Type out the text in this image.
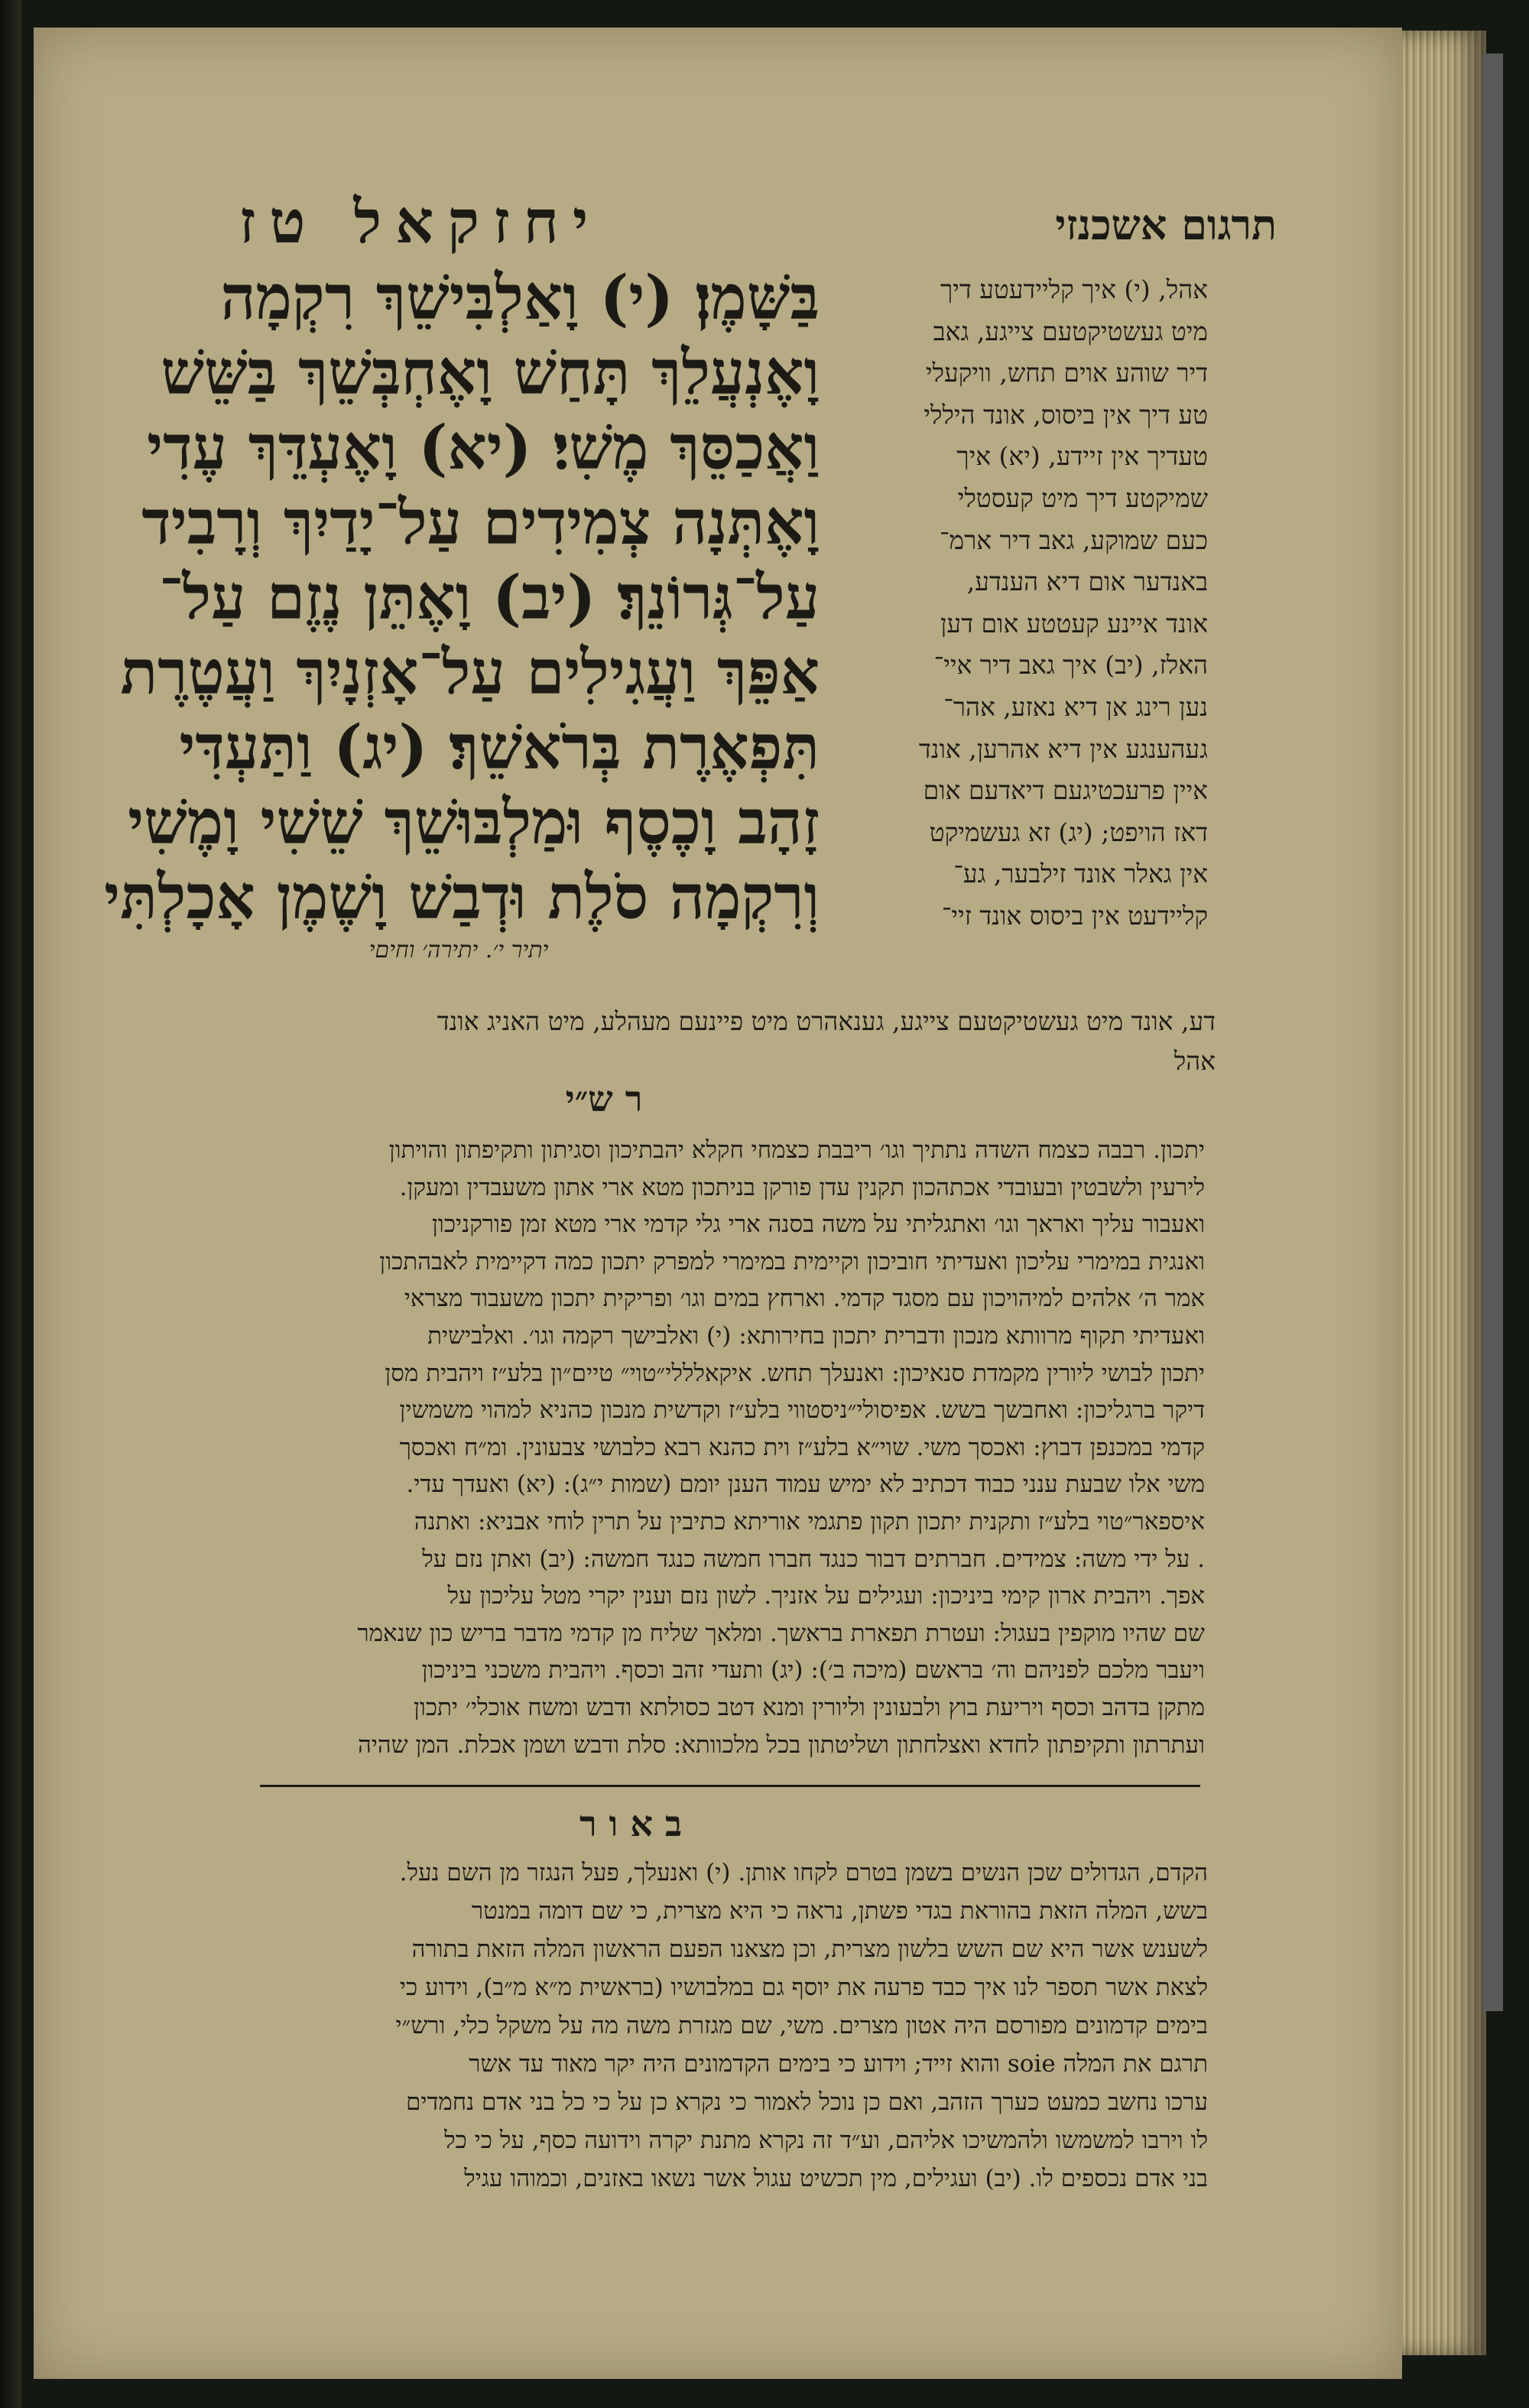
יחזקאל טז	תרגום אשכנזי

בַּשָּׁמֶן׃ (י) וָאַלְבִּישֵׁךְ רִקְמָה

וָאֶנְעֲלֵךְ תָּחַשׁ וָאֶחְבְּשֵׁךְ בַּשֵּׁשׁ

וַאֲכַסֵּךְ מֶשִׁי׃ (יא) וָאֶעְדֵּךְ עֶדִי

וָאֶתְּנָה צְמִידִים עַל־יָדַיִךְ וְרָבִיד

עַל־גְּרוֹנֵךְ׃ (יב) וָאֶתֵּן נֶזֶם עַל־

אַפֵּךְ וַעֲגִילִים עַל־אָזְנָיִךְ וַעֲטֶרֶת

תִּפְאֶרֶת בְּרֹאשֵׁךְ׃ (יג) וַתַּעְדִּי

זָהָב וָכֶסֶף וּמַלְבּוּשֵׁךְ שֵׁשִׁי וָמֶשִׁי

וְרִקְמָה סֹלֶת וּדְבַשׁ וָשֶׁמֶן אָכָלְתִּי

יתיר י׳. יתירה׳ וחיםי

אהל, (י) איך קליידעטע דיך

מיט געשטיקטעם צייגע, גאב

דיר שוהע אוים תחש, וויקעלי

טע דיך אין ביסוס, אונד היללי

טעדיך אין זיידע, (יא) איך

שמיקטע דיך מיט קעסטלי

כעם שמוקע, גאב דיר ארמ־

באנדער אום דיא הענדע,

אונד איינע קעטטע אום דען

האלז, (יב) איך גאב דיר איי־

נען רינג אן דיא נאזע, אהר־

געהענגע אין דיא אהרען, אונד

איין פרעכטיגעם דיאדעם אום

דאז הויפט; (יג) זא געשמיקט

אין גאלר אונד זילבער, גע־

קליידעט אין ביסוס אונד זיי־

דע, אונד מיט געשטיקטעם צייגע, גענאהרט מיט פיינעם מעהלע, מיט האניג אונד

אהל

ר ש״י

יתכון. רבבה כצמח השדה נתתיך וגו׳ ריבבת כצמחי חקלא יהבתיכון וסגיתון ותקיפתון והויתון

לירעין ולשבטין ובעובדי אכתהכון תקנין עדן פורקן בניתכון מטא ארי אתון משעבדין ומעקן.

ואעבור עליך ואראך וגו׳ ואתגליתי על משה בסנה ארי גלי קדמי ארי מטא זמן פורקניכון

ואנגית במימרי עליכון ואעדיתי חוביכון וקיימית במימרי למפרק יתכון כמה דקיימית לאבהתכון

אמר ה׳ אלהים למיהויכון עם מסגד קדמי. וארחץ במים וגו׳ ופריקית יתכון משעבוד מצראי

ואעדיתי תקוף מרוותא מנכון ודברית יתכון בחירותא: (י) ואלבישך רקמה וגו׳. ואלבישית

יתכון לבושי ליורין מקמדת סנאיכון: ואנעלך תחש. איקאלללי״טוי״ טיים״ון בלע״ז ויהבית מסן

דיקר ברגליכון: ואחבשך בשש. אפיסולי״ניסטווי בלע״ז וקדשית מנכון כהניא למהוי משמשין

קדמי במכנפן דבוץ: ואכסך משי. שוי״א בלע״ז וית כהנא רבא כלבושי צבעונין. ומ״ח ואכסך

משי אלו שבעת ענני כבוד דכתיב לא ימיש עמוד הענן יומם (שמות י״ג): (יא) ואעדך עדי.

איספאר״טוי בלע״ז ותקנית יתכון תקון פתגמי אוריתא כתיבין על תרין לוחי אבניא: ואתנה

. על ידי משה: צמידים. חברתים דבור כנגד חברו חמשה כנגד חמשה: (יב) ואתן נזם על

אפך. ויהבית ארון קימי ביניכון: ועגילים על אזניך. לשון נזם וענין יקרי מטל עליכון על

שם שהיו מוקפין בעגול: ועטרת תפארת בראשך. ומלאך שליח מן קדמי מדבר בריש כון שנאמר

ויעבר מלכם לפניהם וה׳ בראשם (מיכה ב׳): (יג) ותעדי זהב וכסף. ויהבית משכני ביניכון

מתקן בדהב וכסף ויריעת בוץ ולבעונין וליורין ומנא דטב כסולתא ודבש ומשח אוכלי׳ יתכון

ועתרתון ותקיפתון לחדא ואצלחתון ושליטתון בכל מלכוותא: סלת ודבש ושמן אכלת. המן שהיה

ב א ו ר

הקדם, הגדולים שכן הנשים בשמן בטרם לקחו אותן. (י) ואנעלך, פעל הנגזר מן השם נעל.

בשש, המלה הזאת בהוראת בגדי פשתן, נראה כי היא מצרית, כי שם דומה במנטר

לשענש אשר היא שם השש בלשון מצרית, וכן מצאנו הפעם הראשון המלה הזאת בתורה

לצאת אשר תספר לנו איך כבד פרעה את יוסף גם במלבושיו (בראשית מ״א מ״ב), וידוע כי

בימים קדמונים מפורסם היה אטון מצרים. משי, שם מגזרת משה מה על משקל כלי, ורש״י

תרגם את המלה soie והוא זייד; וידוע כי בימים הקדמונים היה יקר מאוד עד אשר

ערכו נחשב כמעט כערך הזהב, ואם כן נוכל לאמור כי נקרא כן על כי כל בני אדם נחמדים

לו וירבו למשמשו ולהמשיכו אליהם, וע״ד זה נקרא מתנת יקרה וידועה כסף, על כי כל

בני אדם נכספים לו. (יב) ועגילים, מין תכשיט עגול אשר נשאו באזנים, וכמוהו עגיל
